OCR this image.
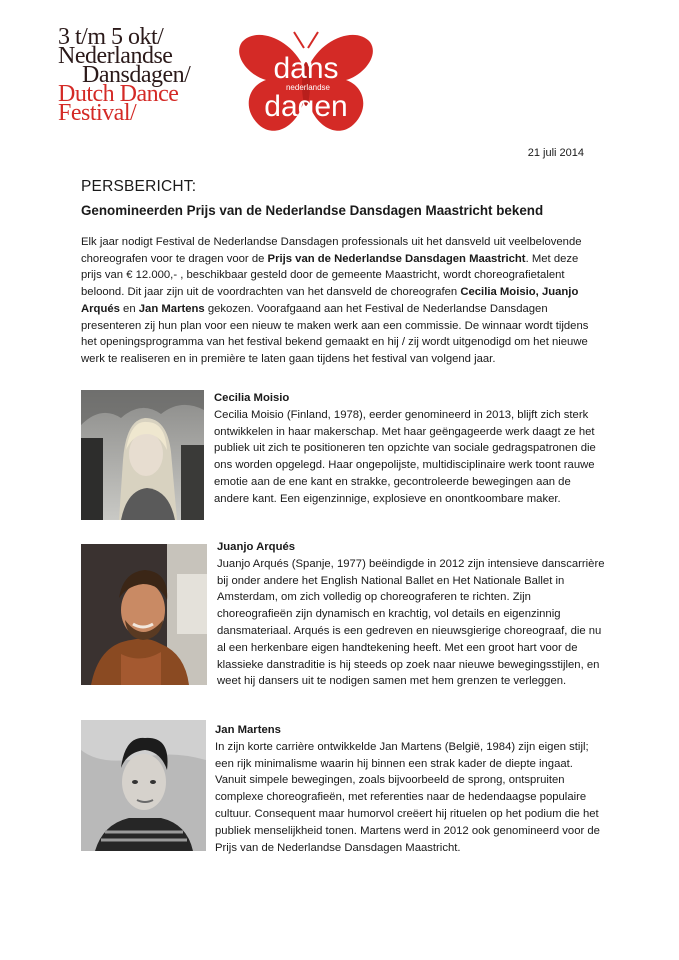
3 t/m 5 okt/
Nederlandse
Dansdagen/
Dutch Dance
Festival/
dans
nederlandse
dagen
21 juli 2014
PERSBERICHT:
Genomineerden Prijs van de Nederlandse Dansdagen Maastricht bekend
Elk jaar nodigt Festival de Nederlandse Dansdagen professionals uit het dansveld uit veelbelovende choreografen voor te dragen voor de Prijs van de Nederlandse Dansdagen Maastricht. Met deze prijs van € 12.000,- , beschikbaar gesteld door de gemeente Maastricht, wordt choreografietalent beloond. Dit jaar zijn uit de voordrachten van het dansveld de choreografen Cecilia Moisio, Juanjo Arqués en Jan Martens gekozen. Voorafgaand aan het Festival de Nederlandse Dansdagen presenteren zij hun plan voor een nieuw te maken werk aan een commissie. De winnaar wordt tijdens het openingsprogramma van het festival bekend gemaakt en hij / zij wordt uitgenodigd om het nieuwe werk te realiseren en in première te laten gaan tijdens het festival van volgend jaar.
Cecilia Moisio
Cecilia Moisio (Finland, 1978), eerder genomineerd in 2013, blijft zich sterk ontwikkelen in haar makerschap. Met haar geëngageerde werk daagt ze het publiek uit zich te positioneren ten opzichte van sociale gedragspatronen die ons worden opgelegd. Haar ongepolijste, multidisciplinaire werk toont rauwe emotie aan de ene kant en strakke, gecontroleerde bewegingen aan de andere kant. Een eigenzinnige, explosieve en onontkoombare maker.
Juanjo Arqués
Juanjo Arqués (Spanje, 1977) beëindigde in 2012 zijn intensieve danscarrière bij onder andere het English National Ballet en Het Nationale Ballet in Amsterdam, om zich volledig op choreograferen te richten. Zijn choreografieën zijn dynamisch en krachtig, vol details en eigenzinnig dansmateriaal. Arqués is een gedreven en nieuwsgierige choreograaf, die nu al een herkenbare eigen handtekening heeft. Met een groot hart voor de klassieke danstraditie is hij steeds op zoek naar nieuwe bewegingsstijlen, en weet hij dansers uit te nodigen samen met hem grenzen te verleggen.
Jan Martens
In zijn korte carrière ontwikkelde Jan Martens (België, 1984) zijn eigen stijl; een rijk minimalisme waarin hij binnen een strak kader de diepte ingaat. Vanuit simpele bewegingen, zoals bijvoorbeeld de sprong, ontspruiten complexe choreografieën, met referenties naar de hedendaagse populaire cultuur. Consequent maar humorvol creëert hij rituelen op het podium die het publiek menselijkheid tonen. Martens werd in 2012 ook genomineerd voor de Prijs van de Nederlandse Dansdagen Maastricht.
